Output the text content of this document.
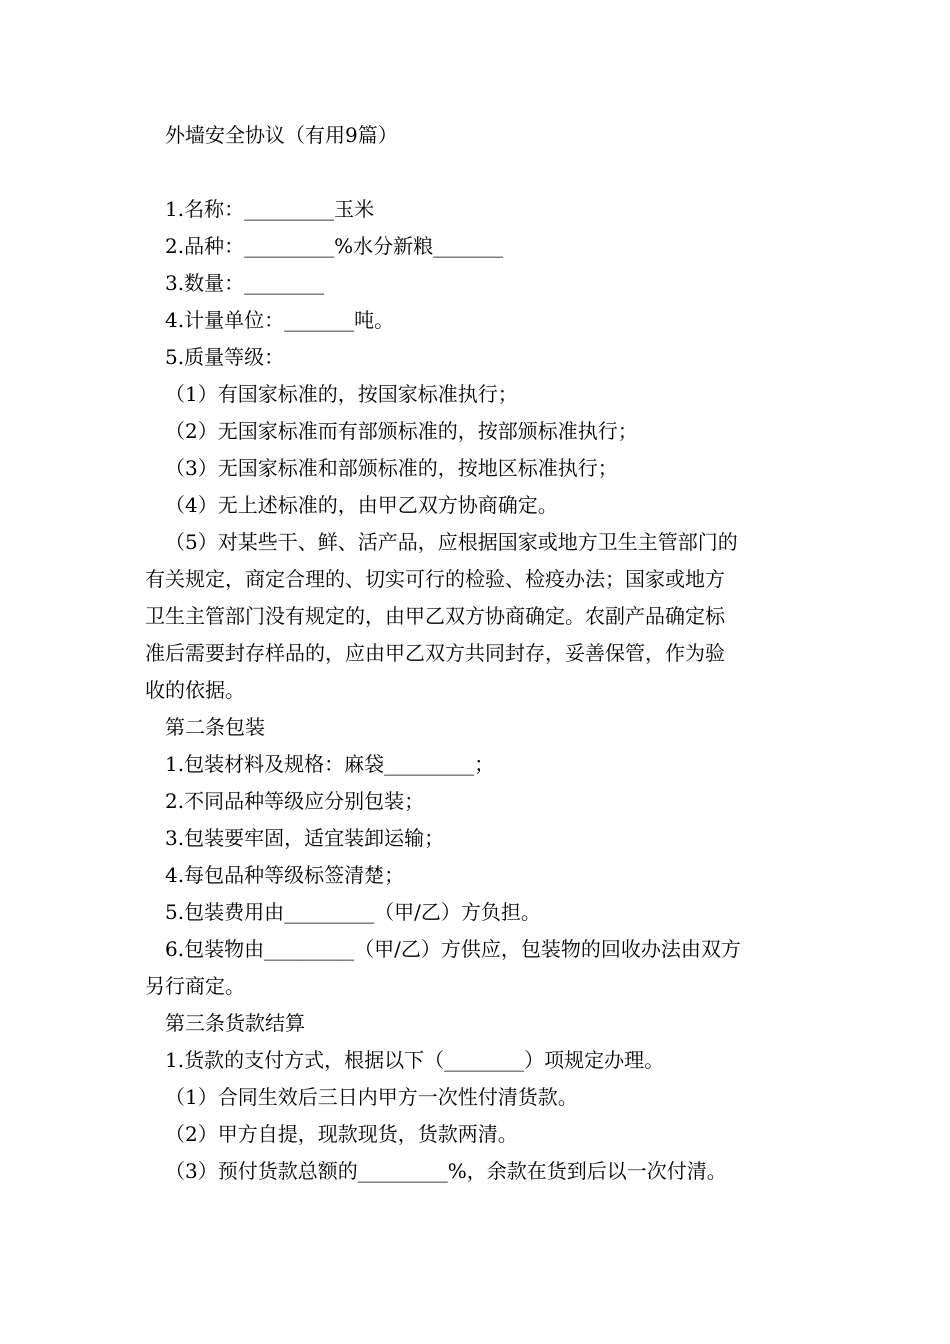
外墙安全协议（有用9篇）
1.名称：_________玉米
2.品种：_________%水分新粮_______
3.数量：________
4.计量单位：_______吨。
5.质量等级：
（1）有国家标准的，按国家标准执行；
（2）无国家标准而有部颁标准的，按部颁标准执行；
（3）无国家标准和部颁标准的，按地区标准执行；
（4）无上述标准的，由甲乙双方协商确定。
（5）对某些干、鲜、活产品，应根据国家或地方卫生主管部门的
有关规定，商定合理的、切实可行的检验、检疫办法；国家或地方
卫生主管部门没有规定的，由甲乙双方协商确定。农副产品确定标
准后需要封存样品的，应由甲乙双方共同封存，妥善保管，作为验
收的依据。
第二条包装
1.包装材料及规格：麻袋_________；
2.不同品种等级应分别包装；
3.包装要牢固，适宜装卸运输；
4.每包品种等级标签清楚；
5.包装费用由_________（甲/乙）方负担。
6.包装物由_________（甲/乙）方供应，包装物的回收办法由双方
另行商定。
第三条货款结算
1.货款的支付方式，根据以下（________）项规定办理。
（1）合同生效后三日内甲方一次性付清货款。
（2）甲方自提，现款现货，货款两清。
（3）预付货款总额的_________%，余款在货到后以一次付清。
